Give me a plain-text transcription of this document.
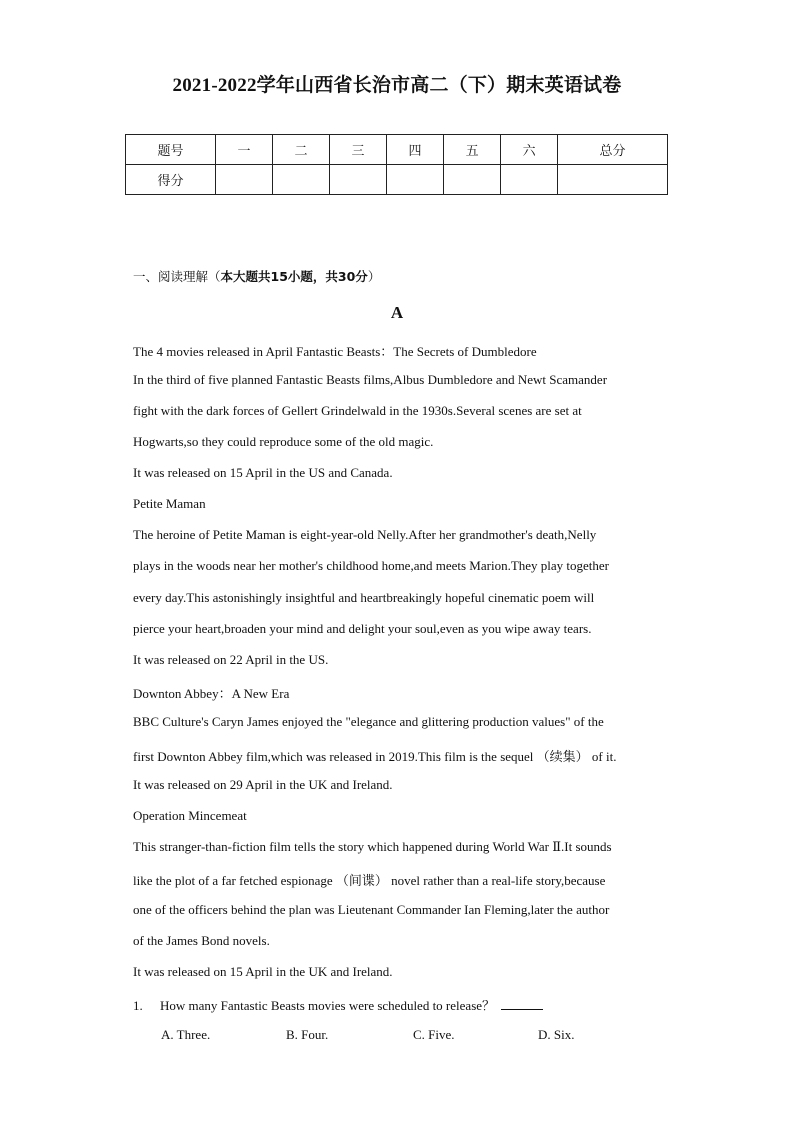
2021-2022学年山西省长治市高二（下）期末英语试卷
题号	一	二	三	四	五	六	总分
得分							
一、阅读理解（本大题共15小题，共30分）
A
The 4 movies released in April Fantastic Beasts：The Secrets of Dumbledore
In the third of five planned Fantastic Beasts films,Albus Dumbledore and Newt Scamander
fight with the dark forces of Gellert Grindelwald in the 1930s.Several scenes are set at
Hogwarts,so they could reproduce some of the old magic.
It was released on 15 April in the US and Canada.
Petite Maman
The heroine of Petite Maman is eight-year-old Nelly.After her grandmother's death,Nelly
plays in the woods near her mother's childhood home,and meets Marion.They play together
every day.This astonishingly insightful and heartbreakingly hopeful cinematic poem will
pierce your heart,broaden your mind and delight your soul,even as you wipe away tears.
It was released on 22 April in the US.
Downton Abbey：A New Era
BBC Culture's Caryn James enjoyed the "elegance and glittering production values" of the
first Downton Abbey film,which was released in 2019.This film is the sequel （续集） of it.
It was released on 29 April in the UK and Ireland.
Operation Mincemeat
This stranger-than-fiction film tells the story which happened during World War Ⅱ.It sounds
like the plot of a far fetched espionage （间谍） novel rather than a real-life story,because
one of the officers behind the plan was Lieutenant Commander Ian Fleming,later the author
of the James Bond novels.
It was released on 15 April in the UK and Ireland.
1. How many Fantastic Beasts movies were scheduled to release？
A. Three.	B. Four.	C. Five.	D. Six.
